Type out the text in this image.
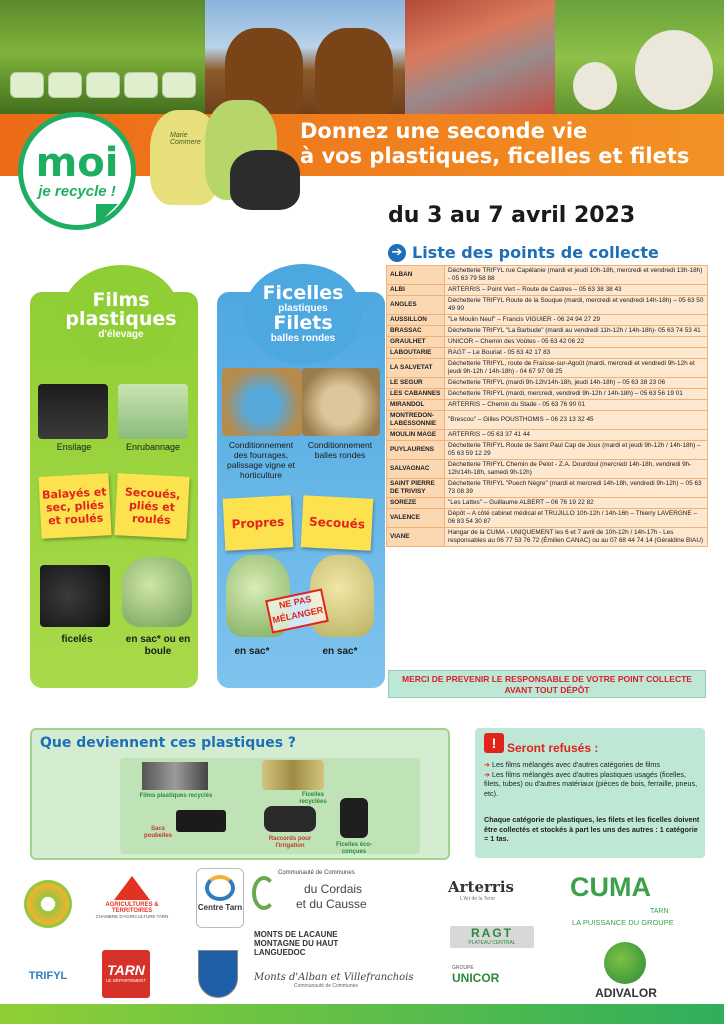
Donnez une seconde vie
à vos plastiques, ficelles et filets
Marie Commere
moi
je recycle !
du 3 au 7 avril 2023
➔ Liste des points de collecte
ALBAN	Déchetterie TRIFYL rue Capélanie (mardi et jeudi 10h-18h, mercredi et vendredi 13h-18h) - 05 63 79 58 88
ALBI	ARTERRIS – Point Vert – Route de Castres – 05 63 38 38 43
ANGLES	Déchetterie TRIFYL Route de la Souque (mardi, mercredi et vendredi 14h-18h) – 05 63 50 49 90
AUSSILLON	"Le Moulin Neuf" – Francis VIGUIER - 06 24 94 27 29
BRASSAC	Déchetterie TRIFYL "La Barbude" (mardi au vendredi 11h-12h / 14h-18h)- 05 63 74 53 41
GRAULHET	UNICOR – Chemin des Voûtes - 05 63 42 06 22
LABOUTARIE	RAGT – Le Bouriat - 05 63 42 17 83
LA SALVETAT	Déchetterie TRIFYL, route de Fraïsse-sur-Agoût (mardi, mercredi et vendredi 9h-12h et jeudi 9h-12h / 14h-18h) - 04 67 97 08 25
LE SEGUR	Déchetterie TRIFYL (mardi 9h-12h/14h-18h, jeudi 14h-18h) – 05 63 38 23 06
LES CABANNES	Déchetterie TRIFYL (mardi, mercredi, vendredi 9h-12h / 14h-18h) – 05 63 56 19 01
MIRANDOL	ARTERRIS – Chemin du Stade - 05 63 76 90 01
MONTREDON-LABESSONNIE	"Brescou" – Gilles POUSTHOMIS – 06 23 13 32 45
MOULIN MAGE	ARTERRIS – 05 63 37 41 44
PUYLAURENS	Déchetterie TRIFYL Route de Saint Paul Cap de Joux (mardi et jeudi 9h-12h / 14h-18h) – 05 63 59 12 29
SALVAGNAC	Déchetterie TRIFYL Chemin de Pelot - Z.A. Dourdoul (mercredi 14h-18h, vendredi 9h-12h/14h-18h, samedi 9h-12h)
SAINT PIERRE DE TRIVISY	Déchetterie TRIFYL "Puech Nègre" (mardi et mercredi 14h-18h, vendredi 9h-12h) – 05 63 73 08 39
SOREZE	"Les Lattes" – Guillaume ALBERT – 06 76 19 22 82
VALENCE	Dépôt – A côté cabinet médical et TRUJILLO 10h-12h / 14h-16h – Thierry LAVERGNE – 06 83 54 30 87
VIANE	Hangar de la CUMA - UNIQUEMENT les 6 et 7 avril de 10h-12h / 14h-17h - Les responsables au 06 77 53 76 72 (Émilien CANAC) ou au 07 68 44 74 14 (Géraldine BIAU)
MERCI DE PREVENIR LE RESPONSABLE DE VOTRE POINT COLLECTE AVANT TOUT DÉPÔT
Films
plastiques
d'élevage
Ensilage	Enrubannage
Balayés et sec, pliés et roulés
Secoués, pliés et roulés
ficelés	en sac* ou en boule
Ficelles
plastiques
Filets
balles rondes
Conditionnement des fourrages, palissage vigne et horticulture
Conditionnement balles rondes
Propres	Secoués
NE PAS MÉLANGER
en sac*	en sac*
Que deviennent ces plastiques ?
Films plastiques recyclés
Sacs poubelles
Ficelles recyclées
Raccords pour l'irrigation	Ficelles éco-conçues
! Seront refusés :
➔ Les films mélangés avec d'autres catégories de films
➔ Les films mélangés avec d'autres plastiques usagés (ficelles, filets, tubes) ou d'autres matériaux (pièces de bois, ferraille, pneus, etc).
Chaque catégorie de plastiques, les filets et les ficelles doivent être collectés et stockés à part les uns des autres : 1 catégorie = 1 tas.
TRIFYL
AGRICULTURES & TERRITOIRES
CHAMBRE D'AGRICULTURE TARN
Centre Tarn
Communauté de Communes
du Cordais
et du Causse
Arterris
L'Art de la Terre	CUMA
TARN
LA PUISSANCE DU GROUPE
TARN
LE DÉPARTEMENT
MONTS DE LACAUNE MONTAGNE DU HAUT LANGUEDOC
Monts d'Alban et Villefranchois
Communauté de Communes
RAGT
PLATEAU CENTRAL
GROUPE
UNICOR
ADIVALOR
